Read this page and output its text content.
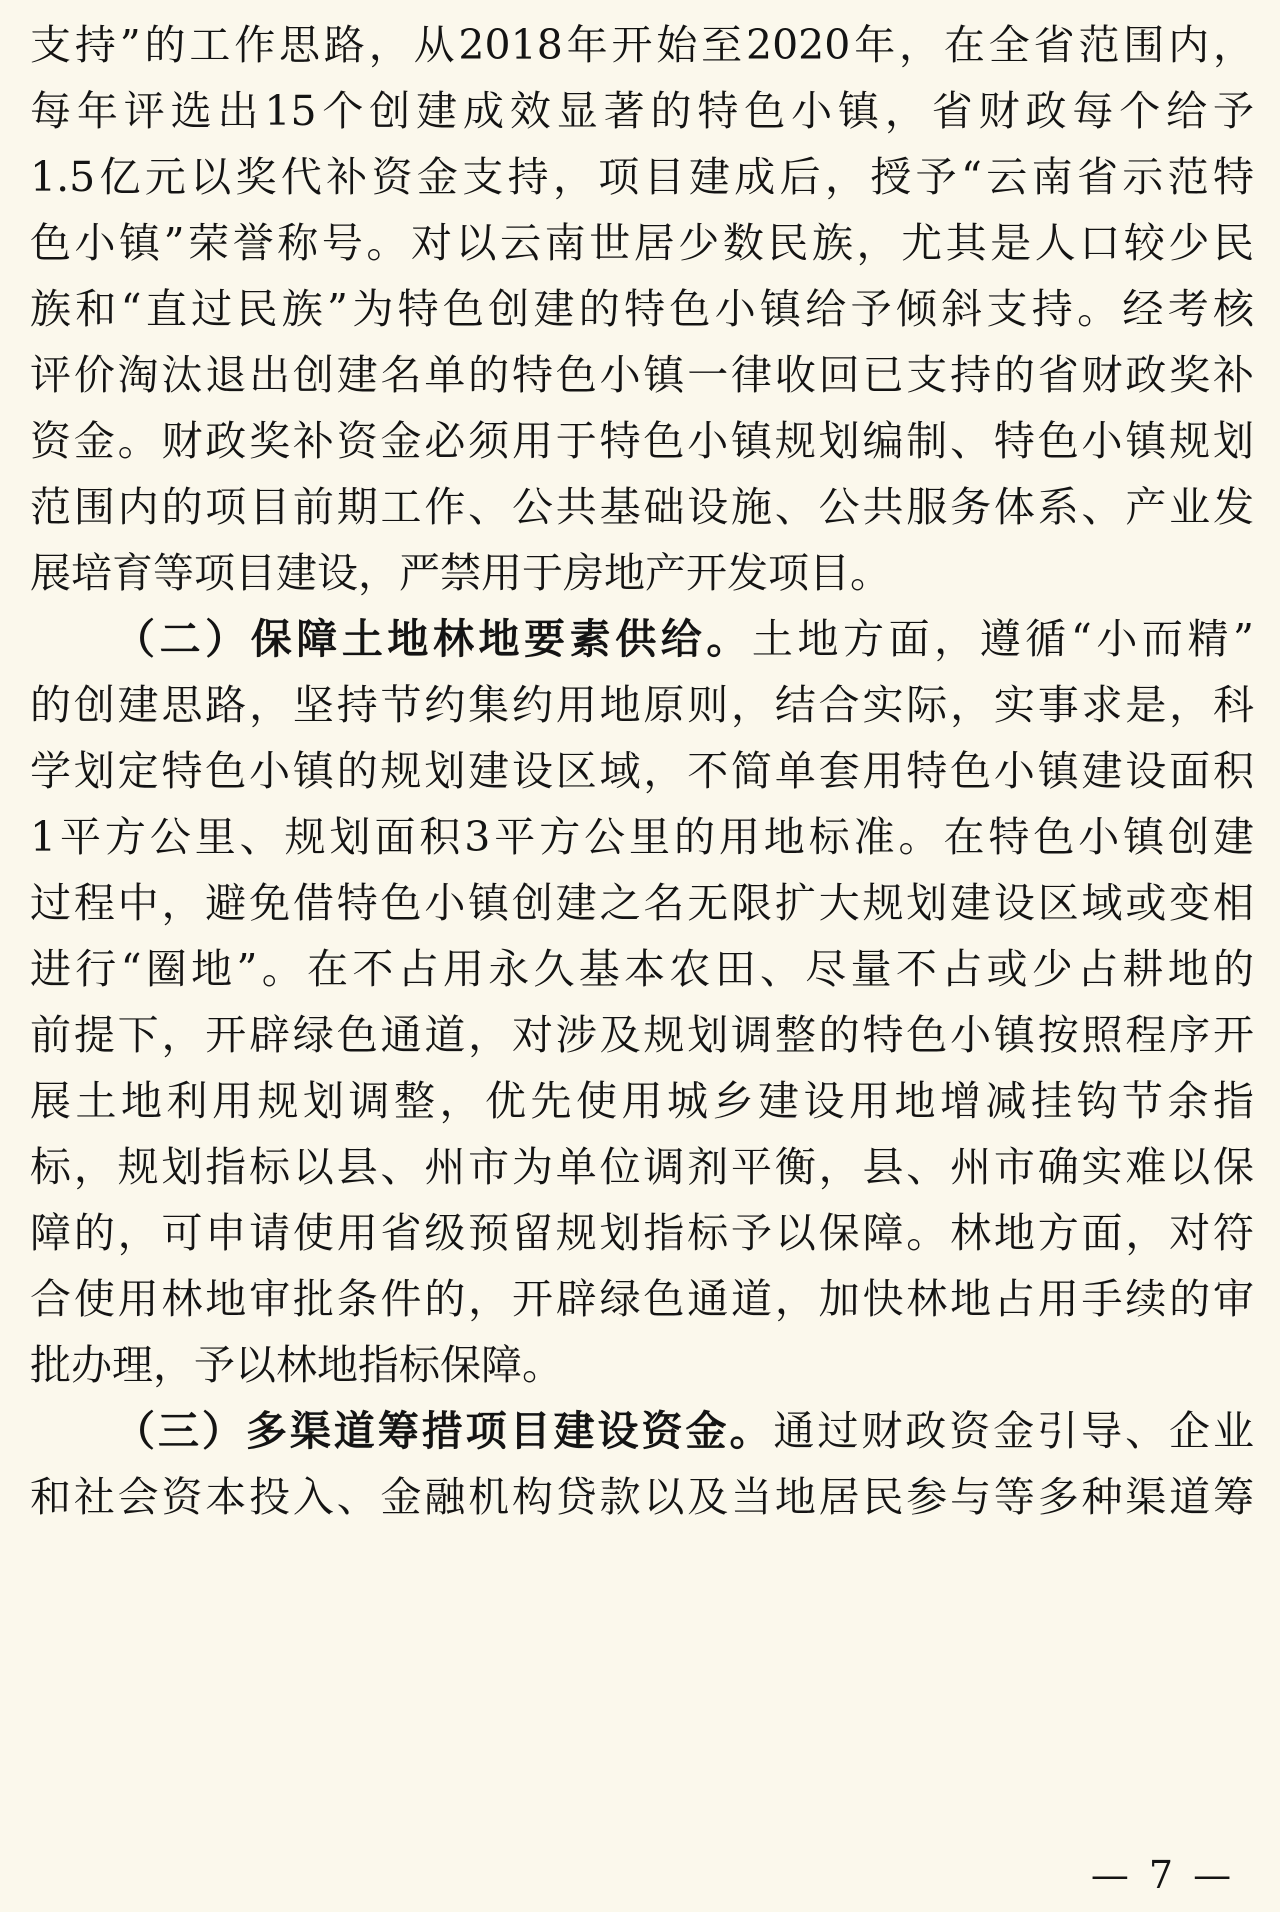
支持”的工作思路，从2018年开始至2020年，在全省范围内，
每年评选出15个创建成效显著的特色小镇，省财政每个给予
1.5亿元以奖代补资金支持，项目建成后，授予“云南省示范特
色小镇”荣誉称号。对以云南世居少数民族，尤其是人口较少民
族和“直过民族”为特色创建的特色小镇给予倾斜支持。经考核
评价淘汰退出创建名单的特色小镇一律收回已支持的省财政奖补
资金。财政奖补资金必须用于特色小镇规划编制、特色小镇规划
范围内的项目前期工作、公共基础设施、公共服务体系、产业发
展培育等项目建设，严禁用于房地产开发项目。
（二）保障土地林地要素供给。土地方面，遵循“小而精”
的创建思路，坚持节约集约用地原则，结合实际，实事求是，科
学划定特色小镇的规划建设区域，不简单套用特色小镇建设面积
1平方公里、规划面积3平方公里的用地标准。在特色小镇创建
过程中，避免借特色小镇创建之名无限扩大规划建设区域或变相
进行“圈地”。在不占用永久基本农田、尽量不占或少占耕地的
前提下，开辟绿色通道，对涉及规划调整的特色小镇按照程序开
展土地利用规划调整，优先使用城乡建设用地增减挂钩节余指
标，规划指标以县、州市为单位调剂平衡，县、州市确实难以保
障的，可申请使用省级预留规划指标予以保障。林地方面，对符
合使用林地审批条件的，开辟绿色通道，加快林地占用手续的审
批办理，予以林地指标保障。
（三）多渠道筹措项目建设资金。通过财政资金引导、企业
和社会资本投入、金融机构贷款以及当地居民参与等多种渠道筹
— 7 —
